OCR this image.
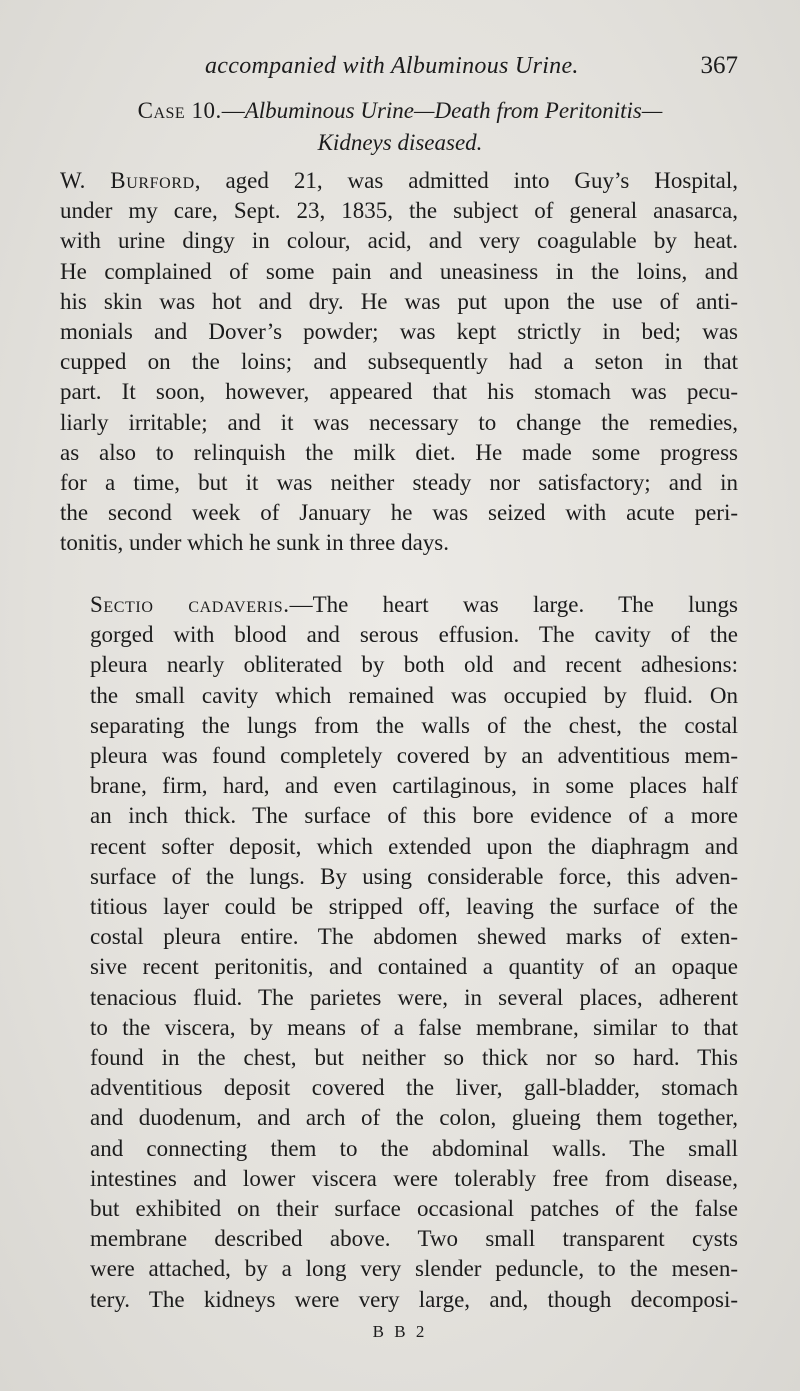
accompanied with Albuminous Urine.	367
Case 10.—Albuminous Urine—Death from Peritonitis—
Kidneys diseased.
W. Burford, aged 21, was admitted into Guy’s Hospital,
under my care, Sept. 23, 1835, the subject of general anasarca,
with urine dingy in colour, acid, and very coagulable by heat.
He complained of some pain and uneasiness in the loins, and
his skin was hot and dry. He was put upon the use of anti-
monials and Dover’s powder; was kept strictly in bed; was
cupped on the loins; and subsequently had a seton in that
part. It soon, however, appeared that his stomach was pecu-
liarly irritable; and it was necessary to change the remedies,
as also to relinquish the milk diet. He made some progress
for a time, but it was neither steady nor satisfactory; and in
the second week of January he was seized with acute peri-
tonitis, under which he sunk in three days.
Sectio cadaveris.—The heart was large. The lungs
gorged with blood and serous effusion. The cavity of the
pleura nearly obliterated by both old and recent adhesions:
the small cavity which remained was occupied by fluid. On
separating the lungs from the walls of the chest, the costal
pleura was found completely covered by an adventitious mem-
brane, firm, hard, and even cartilaginous, in some places half
an inch thick. The surface of this bore evidence of a more
recent softer deposit, which extended upon the diaphragm and
surface of the lungs. By using considerable force, this adven-
titious layer could be stripped off, leaving the surface of the
costal pleura entire. The abdomen shewed marks of exten-
sive recent peritonitis, and contained a quantity of an opaque
tenacious fluid. The parietes were, in several places, adherent
to the viscera, by means of a false membrane, similar to that
found in the chest, but neither so thick nor so hard. This
adventitious deposit covered the liver, gall-bladder, stomach
and duodenum, and arch of the colon, glueing them together,
and connecting them to the abdominal walls. The small
intestines and lower viscera were tolerably free from disease,
but exhibited on their surface occasional patches of the false
membrane described above. Two small transparent cysts
were attached, by a long very slender peduncle, to the mesen-
tery. The kidneys were very large, and, though decomposi-
B B 2
